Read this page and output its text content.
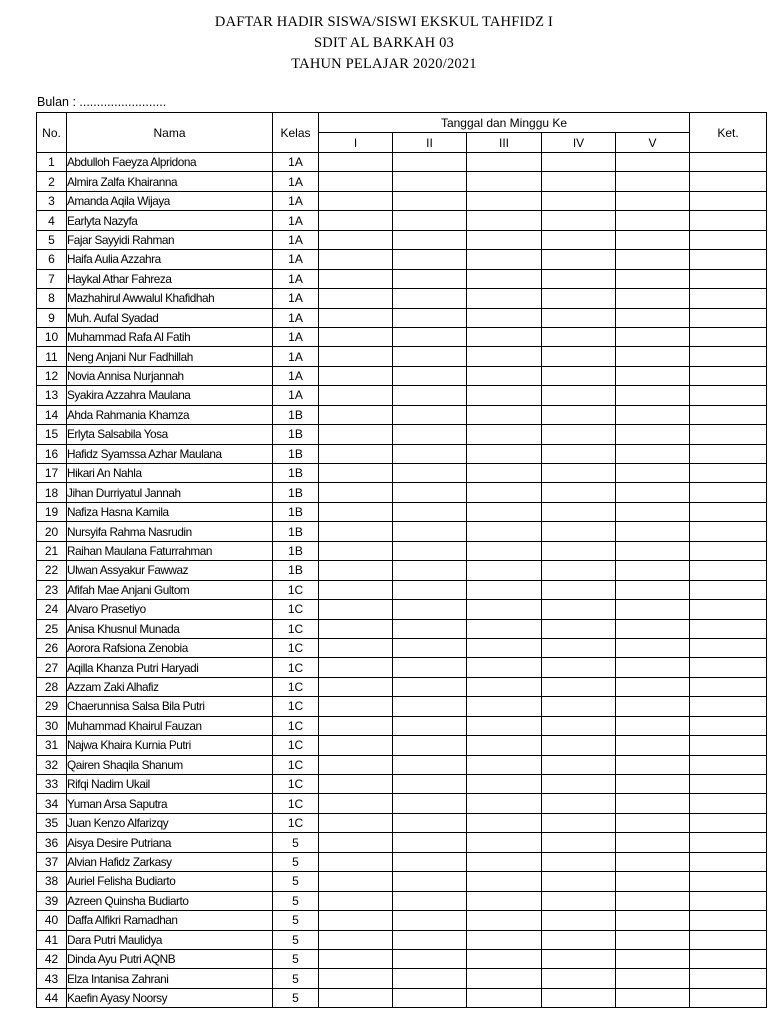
DAFTAR HADIR SISWA/SISWI EKSKUL TAHFIDZ I
SDIT AL BARKAH 03
TAHUN PELAJAR 2020/2021
Bulan : .........................
No.	Nama	Kelas	Tanggal dan Minggu Ke					Ket.
			I	II	III	IV	V	
1	Abdulloh Faeyza Alpridona	1A						
2	Almira Zalfa Khairanna	1A						
3	Amanda Aqila Wijaya	1A						
4	Earlyta Nazyfa	1A						
5	Fajar Sayyidi Rahman	1A						
6	Haifa Aulia Azzahra	1A						
7	Haykal Athar Fahreza	1A						
8	Mazhahirul Awwalul Khafidhah	1A						
9	Muh. Aufal Syadad	1A						
10	Muhammad Rafa Al Fatih	1A						
11	Neng Anjani Nur Fadhillah	1A						
12	Novia Annisa Nurjannah	1A						
13	Syakira Azzahra Maulana	1A						
14	Ahda Rahmania Khamza	1B						
15	Erlyta Salsabila Yosa	1B						
16	Hafidz Syamssa Azhar Maulana	1B						
17	Hikari An Nahla	1B						
18	Jihan Durriyatul Jannah	1B						
19	Nafiza Hasna Kamila	1B						
20	Nursyifa Rahma Nasrudin	1B						
21	Raihan Maulana Faturrahman	1B						
22	Ulwan Assyakur Fawwaz	1B						
23	Afifah Mae Anjani Gultom	1C						
24	Alvaro Prasetiyo	1C						
25	Anisa Khusnul Munada	1C						
26	Aorora Rafsiona Zenobia	1C						
27	Aqilla Khanza Putri Haryadi	1C						
28	Azzam Zaki Alhafiz	1C						
29	Chaerunnisa Salsa Bila Putri	1C						
30	Muhammad Khairul Fauzan	1C						
31	Najwa Khaira Kurnia Putri	1C						
32	Qairen Shaqila Shanum	1C						
33	Rifqi Nadim Ukail	1C						
34	Yuman Arsa Saputra	1C						
35	Juan Kenzo Alfarizqy	1C						
36	Aisya Desire Putriana	5						
37	Alvian Hafidz Zarkasy	5						
38	Auriel Felisha Budiarto	5						
39	Azreen Quinsha Budiarto	5						
40	Daffa Alfikri Ramadhan	5						
41	Dara Putri Maulidya	5						
42	Dinda Ayu Putri AQNB	5						
43	Elza Intanisa Zahrani	5						
44	Kaefin Ayasy Noorsy	5						
